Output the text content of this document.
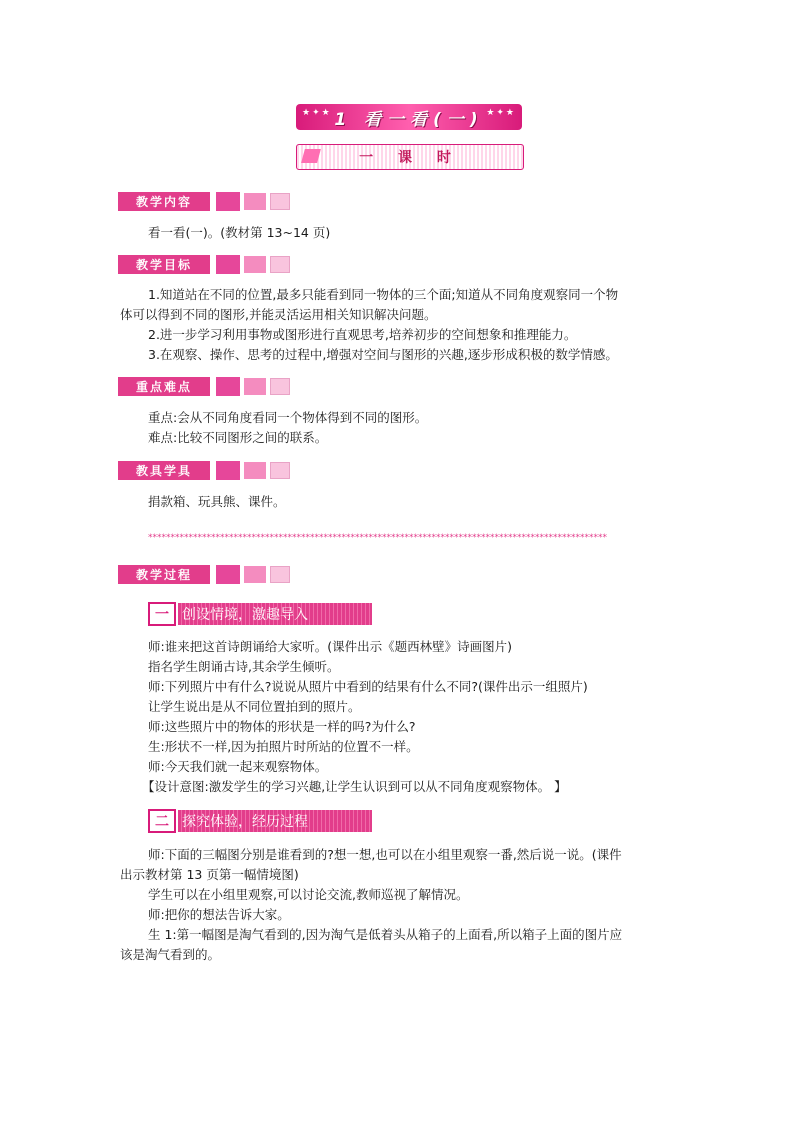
★✦★ 1 看一看(一) ★✦★
一 课 时
教学内容
看一看(一)。(教材第 13~14 页)
教学目标
1.知道站在不同的位置,最多只能看到同一物体的三个面;知道从不同角度观察同一个物
体可以得到不同的图形,并能灵活运用相关知识解决问题。
2.进一步学习利用事物或图形进行直观思考,培养初步的空间想象和推理能力。
3.在观察、操作、思考的过程中,增强对空间与图形的兴趣,逐步形成积极的数学情感。
重点难点
重点:会从不同角度看同一个物体得到不同的图形。
难点:比较不同图形之间的联系。
教具学具
捐款箱、玩具熊、课件。
******************************************************************************************************
教学过程
一 创设情境，激趣导入
师:谁来把这首诗朗诵给大家听。(课件出示《题西林壁》诗画图片)
指名学生朗诵古诗,其余学生倾听。
师:下列照片中有什么?说说从照片中看到的结果有什么不同?(课件出示一组照片)
让学生说出是从不同位置拍到的照片。
师:这些照片中的物体的形状是一样的吗?为什么?
生:形状不一样,因为拍照片时所站的位置不一样。
师:今天我们就一起来观察物体。
【设计意图:激发学生的学习兴趣,让学生认识到可以从不同角度观察物体。 】
二 探究体验，经历过程
师:下面的三幅图分别是谁看到的?想一想,也可以在小组里观察一番,然后说一说。(课件
出示教材第 13 页第一幅情境图)
学生可以在小组里观察,可以讨论交流,教师巡视了解情况。
师:把你的想法告诉大家。
生 1:第一幅图是淘气看到的,因为淘气是低着头从箱子的上面看,所以箱子上面的图片应
该是淘气看到的。
